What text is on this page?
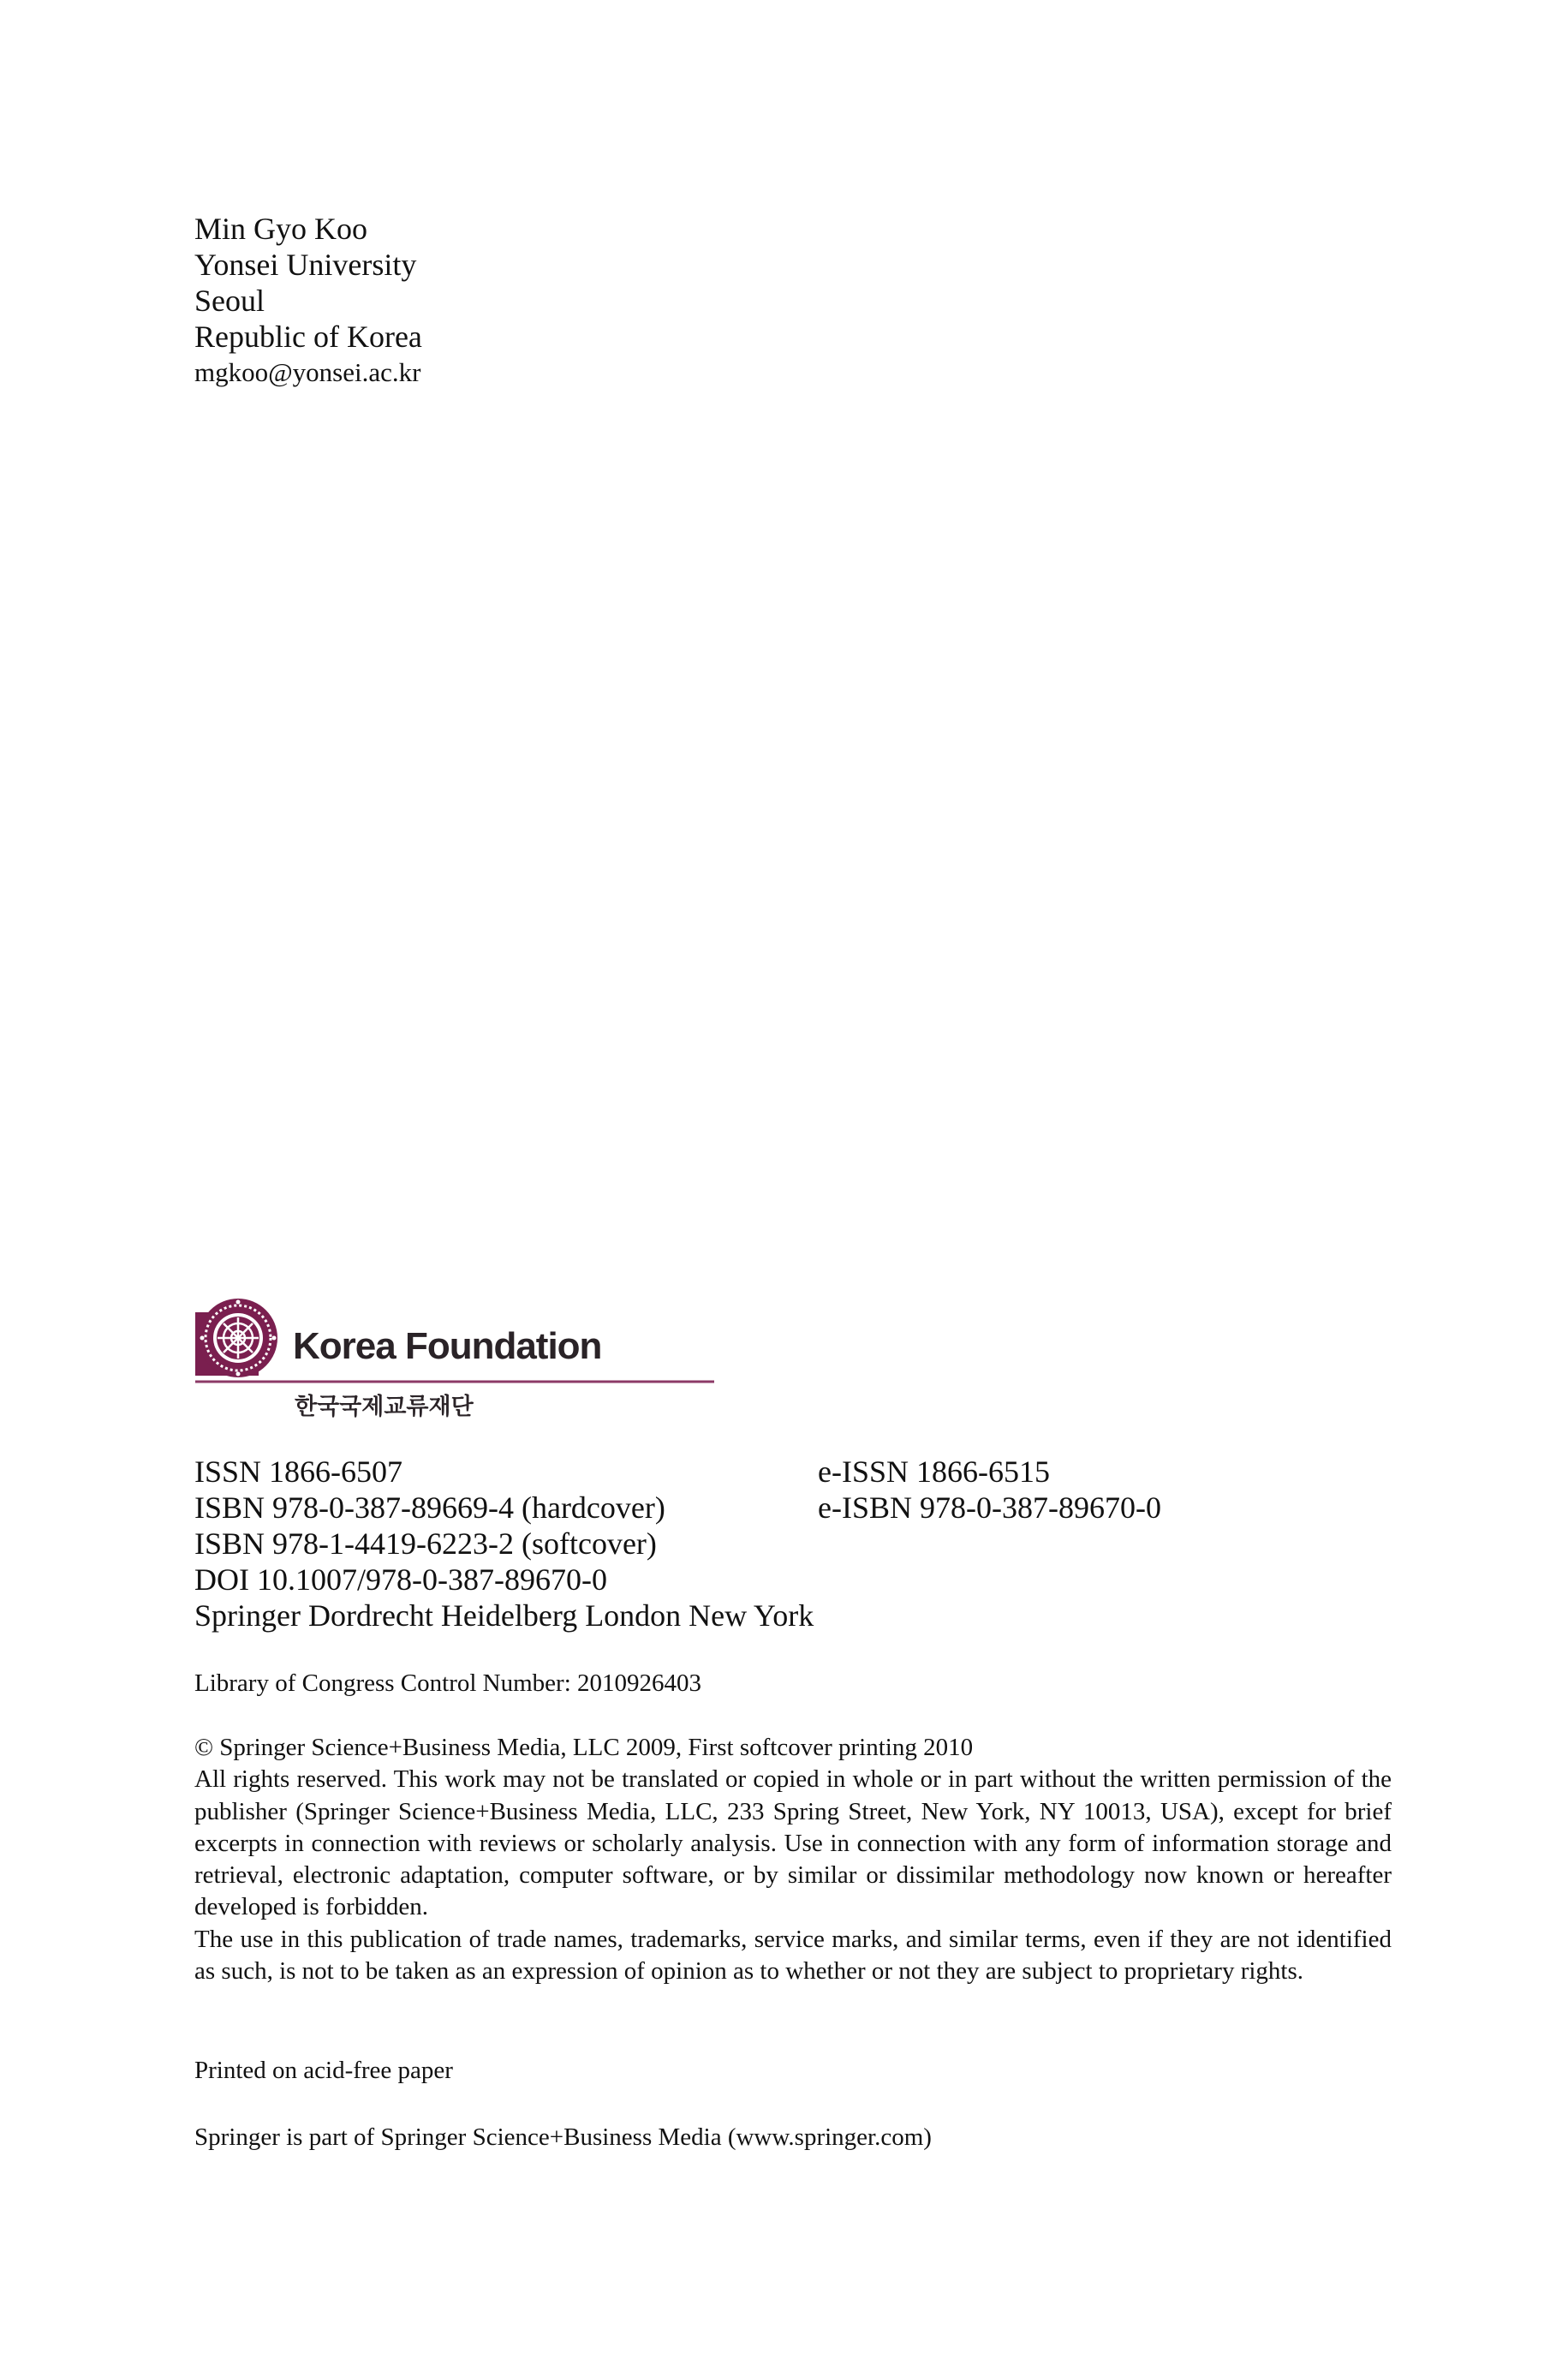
Min Gyo Koo
Yonsei University
Seoul
Republic of Korea
mgkoo@yonsei.ac.kr
Korea Foundation
한국국제교류재단
ISSN 1866-6507	e-ISSN 1866-6515
ISBN 978-0-387-89669-4 (hardcover)	e-ISBN 978-0-387-89670-0
ISBN 978-1-4419-6223-2 (softcover)
DOI 10.1007/978-0-387-89670-0
Springer Dordrecht Heidelberg London New York
Library of Congress Control Number: 2010926403

© Springer Science+Business Media, LLC 2009, First softcover printing 2010

All rights reserved. This work may not be translated or copied in whole or in part without the written permission of the publisher (Springer Science+Business Media, LLC, 233 Spring Street, New York, NY 10013, USA), except for brief excerpts in connection with reviews or scholarly analysis. Use in connection with any form of information storage and retrieval, electronic adaptation, computer software, or by similar or dissimilar methodology now known or hereafter developed is forbidden.

The use in this publication of trade names, trademarks, service marks, and similar terms, even if they are not identified as such, is not to be taken as an expression of opinion as to whether or not they are subject to proprietary rights.

Printed on acid-free paper
Springer is part of Springer Science+Business Media (www.springer.com)
